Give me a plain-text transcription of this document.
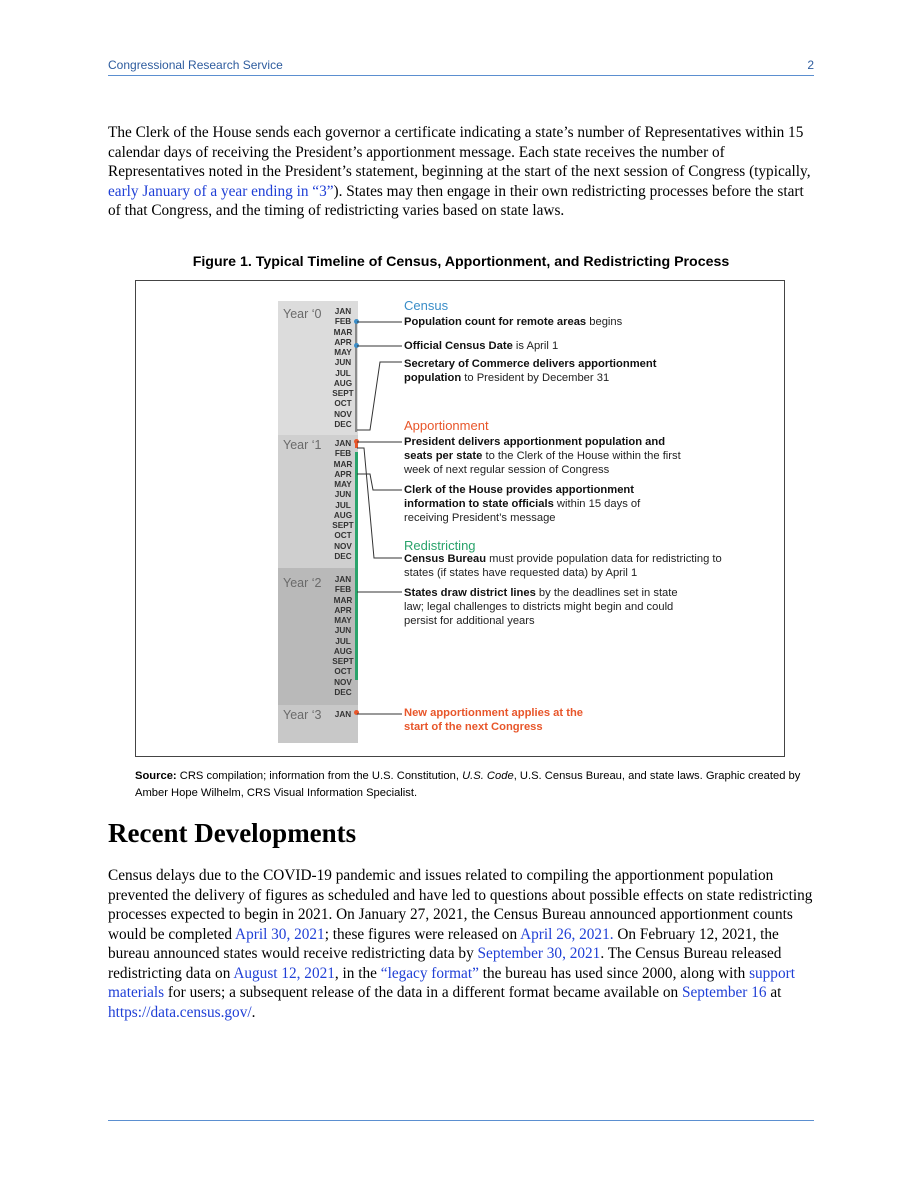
Congressional Research Service	2

The Clerk of the House sends each governor a certificate indicating a state’s number of Representatives within 15 calendar days of receiving the President’s apportionment message. Each state receives the number of Representatives noted in the President’s statement, beginning at the start of the next session of Congress (typically, early January of a year ending in “3”). States may then engage in their own redistricting processes before the start of that Congress, and the timing of redistricting varies based on state laws.

Figure 1. Typical Timeline of Census, Apportionment, and Redistricting Process
Year ‘0
Year ‘1
Year ‘2
Year ‘3
JAN
FEB
MAR
APR
MAY
JUN
JUL
AUG
SEPT
OCT
NOV
DEC
JAN
FEB
MAR
APR
MAY
JUN
JUL
AUG
SEPT
OCT
NOV
DEC
JAN
FEB
MAR
APR
MAY
JUN
JUL
AUG
SEPT
OCT
NOV
DEC
JAN
Census
Apportionment
Redistricting
Population count for remote areas begins
Official Census Date is April 1
Secretary of Commerce delivers apportionment population to President by December 31
President delivers apportionment population and seats per state to the Clerk of the House within the first week of next regular session of Congress
Clerk of the House provides apportionment information to state officials within 15 days of receiving President’s message
Census Bureau must provide population data for redistricting to states (if states have requested data) by April 1
States draw district lines by the deadlines set in state law; legal challenges to districts might begin and could persist for additional years
New apportionment applies at the start of the next Congress
Source: CRS compilation; information from the U.S. Constitution, U.S. Code, U.S. Census Bureau, and state laws. Graphic created by Amber Hope Wilhelm, CRS Visual Information Specialist.
Recent Developments

Census delays due to the COVID-19 pandemic and issues related to compiling the apportionment population prevented the delivery of figures as scheduled and have led to questions about possible effects on state redistricting processes expected to begin in 2021. On January 27, 2021, the Census Bureau announced apportionment counts would be completed April 30, 2021; these figures were released on April 26, 2021. On February 12, 2021, the bureau announced states would receive redistricting data by September 30, 2021. The Census Bureau released redistricting data on August 12, 2021, in the “legacy format” the bureau has used since 2000, along with support materials for users; a subsequent release of the data in a different format became available on September 16 at https://data.census.gov/.
